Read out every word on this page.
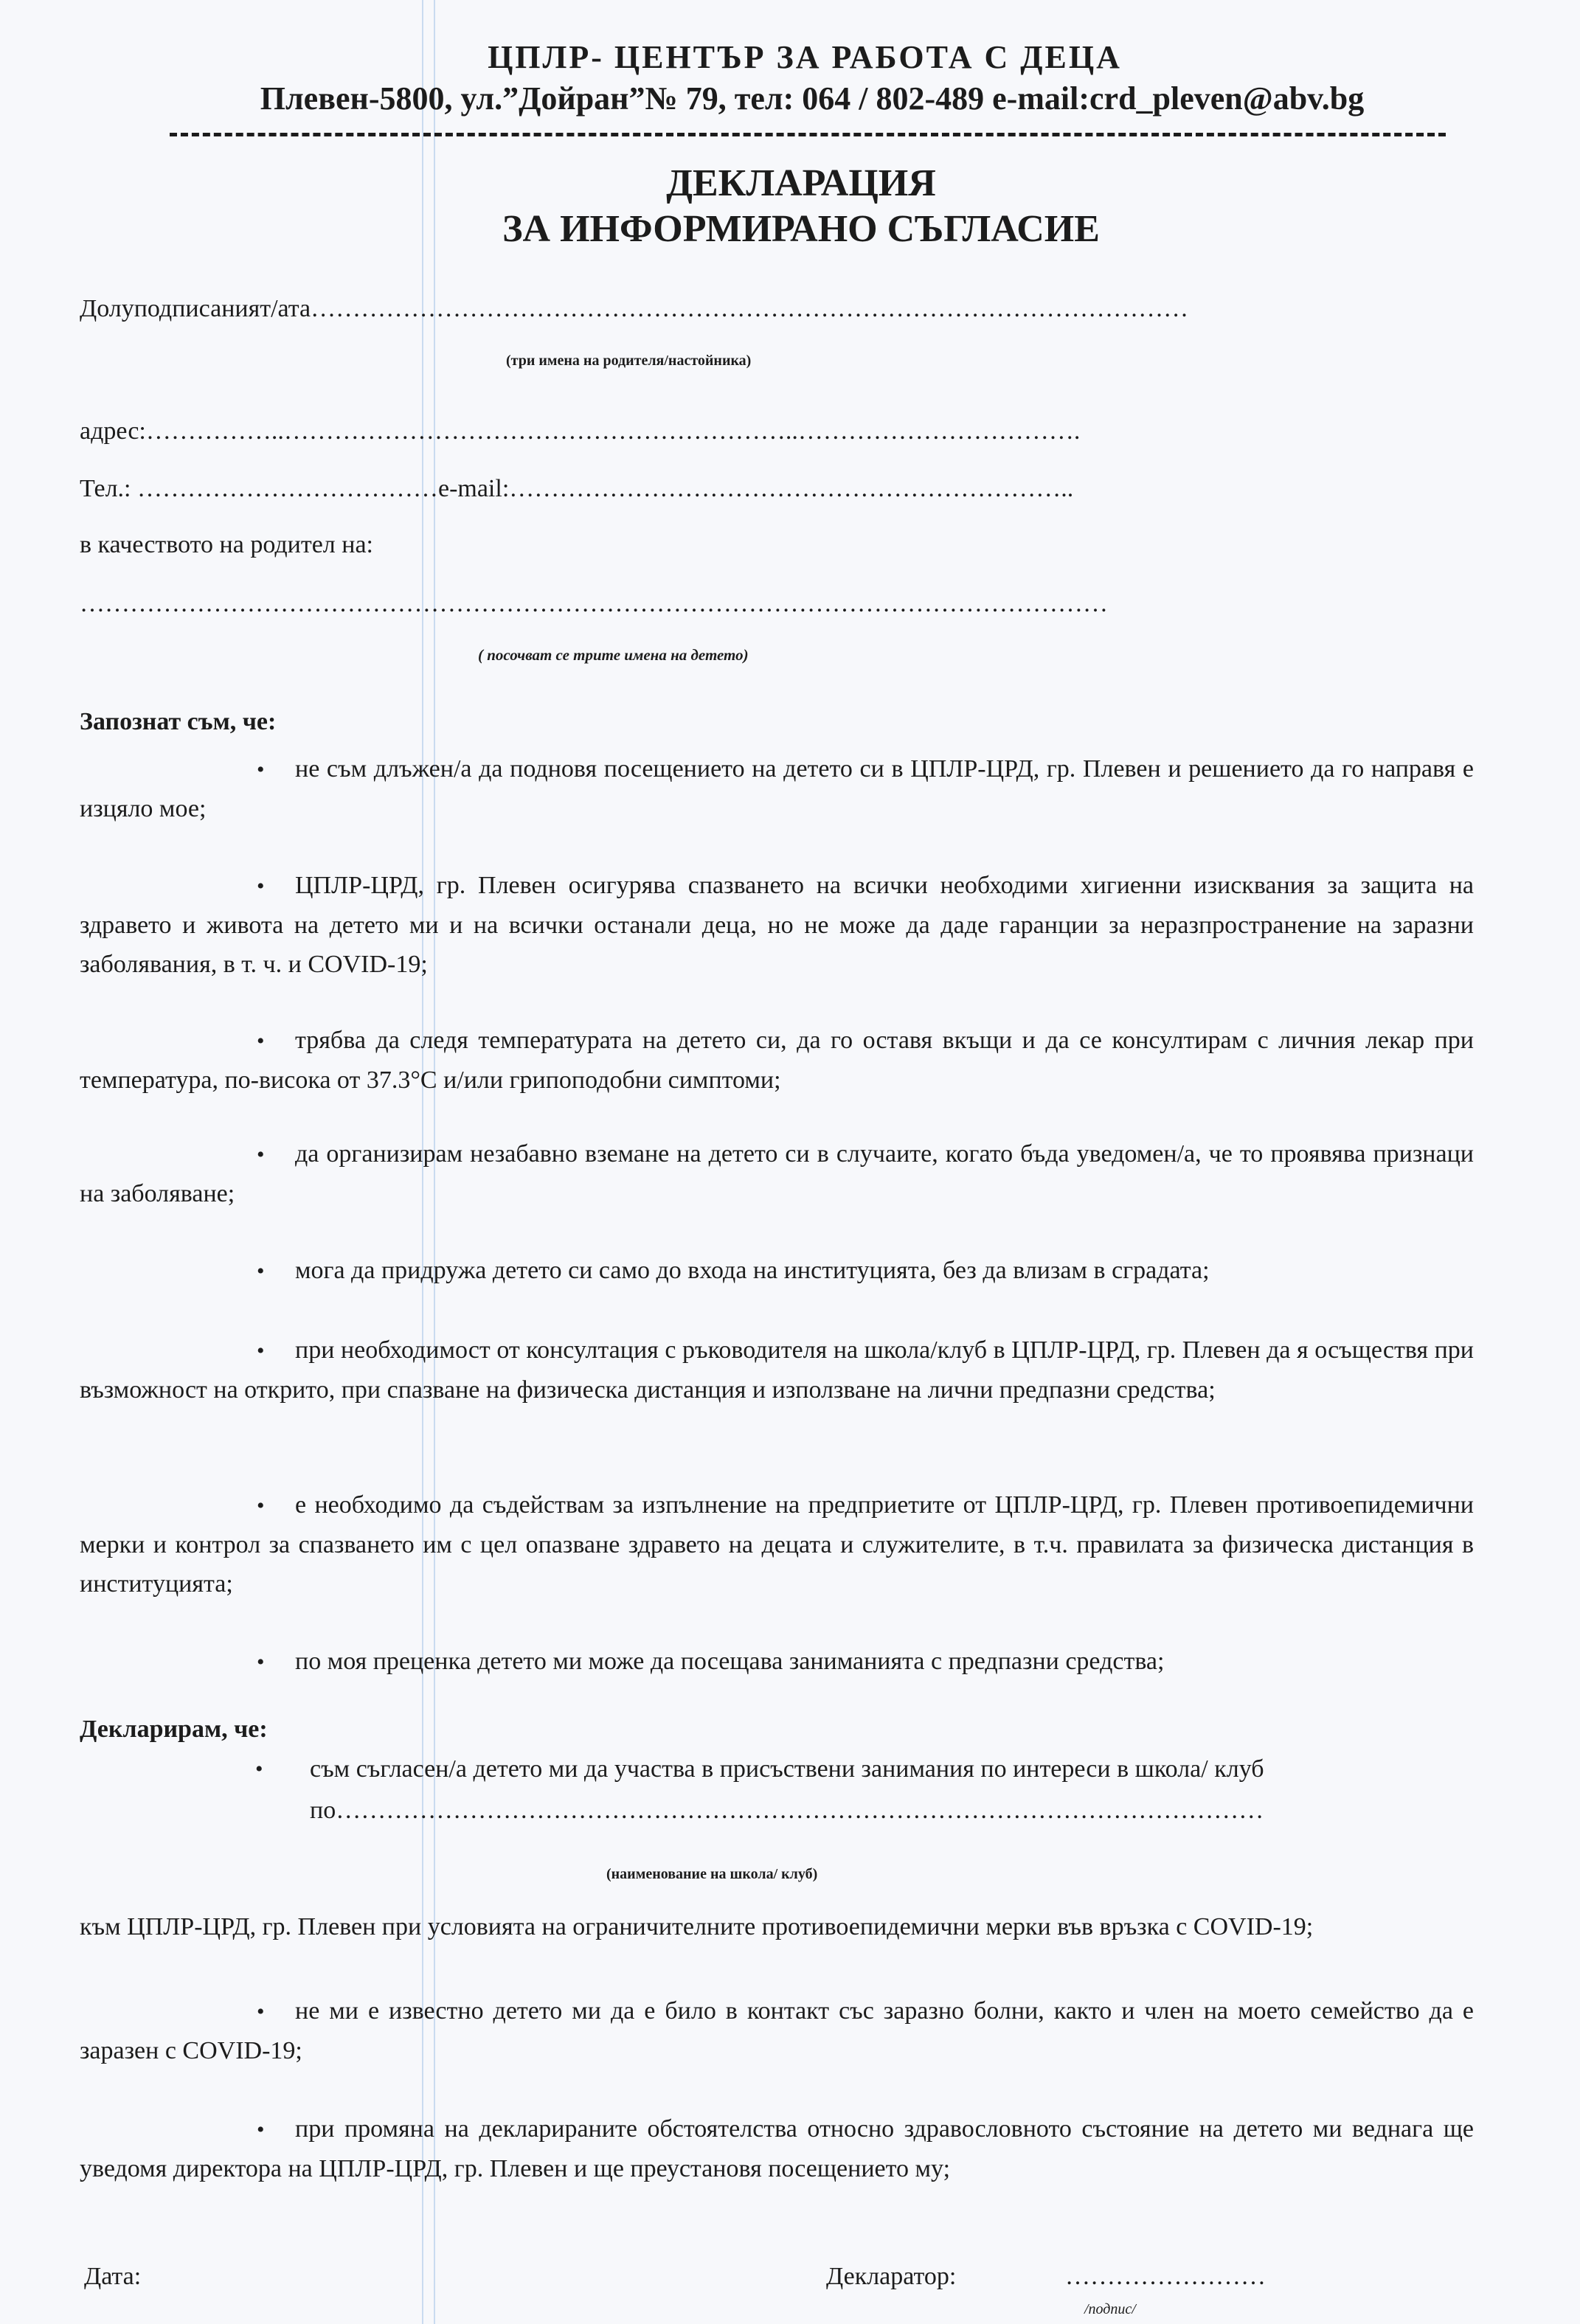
ЦПЛР- ЦЕНТЪР ЗА РАБОТА С ДЕЦА
Плевен-5800, ул.”Дойран”№ 79, тел: 064 / 802-489 e-mail:crd_pleven@abv.bg
ДЕКЛАРАЦИЯ
ЗА ИНФОРМИРАНО СЪГЛАСИЕ
Долуподписаният/ата……………………………………………………………………………………………
(три имена на родителя/настойника)
адрес:……………..……………………………………………………..…………………………….
Тел.: ………………………………e-mail:…………………………………………………………..
в качеството на родител на:
……………………………………………………………………………………………………………
( посочват се трите имена на детето)
Запознат съм, че:
• не съм длъжен/а да подновя посещението на детето си в ЦПЛР-ЦРД, гр. Плевен и решението да го направя е изцяло мое;
• ЦПЛР-ЦРД, гр. Плевен осигурява спазването на всички необходими хигиенни изисквания за защита на здравето и живота на детето ми и на всички останали деца, но не може да даде гаранции за неразпространение на заразни заболявания, в т. ч. и COVID-19;
• трябва да следя температурата на детето си, да го оставя вкъщи и да се консултирам с личния лекар при температура, по-висока от 37.3°С и/или грипоподобни симптоми;
• да организирам незабавно вземане на детето си в случаите, когато бъда уведомен/а, че то проявява признаци на заболяване;
• мога да придружа детето си само до входа на институцията, без да влизам в сградата;
• при необходимост от консултация с ръководителя на школа/клуб в ЦПЛР-ЦРД, гр. Плевен да я осъществя при възможност на открито, при спазване на физическа дистанция и използване на лични предпазни средства;
• е необходимо да съдействам за изпълнение на предприетите от ЦПЛР-ЦРД, гр. Плевен противоепидемични мерки и контрол за спазването им с цел опазване здравето на децата и служителите, в т.ч. правилата за физическа дистанция в институцията;
• по моя преценка детето ми може да посещава заниманията с предпазни средства;
Декларирам, че:
• съм съгласен/а детето ми да участва в присъствени занимания по интереси в школа/ клуб
по…………………………………………………………………………………………………
(наименование на школа/ клуб)
към ЦПЛР-ЦРД, гр. Плевен при условията на ограничителните противоепидемични мерки във връзка с COVID-19;
• не ми е известно детето ми да е било в контакт със заразно болни, както и член на моето семейство да е заразен с COVID-19;
• при промяна на декларираните обстоятелства относно здравословното състояние на детето ми веднага ще уведомя директора на ЦПЛР-ЦРД, гр. Плевен и ще преустановя посещението му;
Дата:	Декларатор:	……………………
/подпис/
